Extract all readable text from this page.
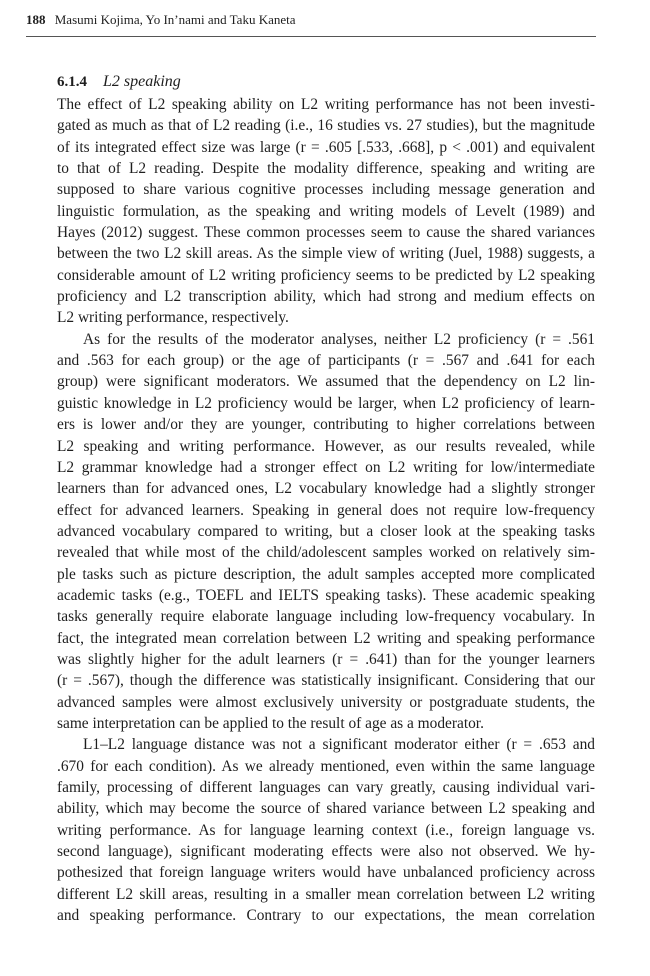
188 Masumi Kojima, Yo In’nami and Taku Kaneta
6.1.4 L2 speaking
The effect of L2 speaking ability on L2 writing performance has not been investi-
gated as much as that of L2 reading (i.e., 16 studies vs. 27 studies), but the magnitude
of its integrated effect size was large (r = .605 [.533, .668], p < .001) and equivalent
to that of L2 reading. Despite the modality difference, speaking and writing are
supposed to share various cognitive processes including message generation and
linguistic formulation, as the speaking and writing models of Levelt (1989) and
Hayes (2012) suggest. These common processes seem to cause the shared variances
between the two L2 skill areas. As the simple view of writing (Juel, 1988) suggests, a
considerable amount of L2 writing proficiency seems to be predicted by L2 speaking
proficiency and L2 transcription ability, which had strong and medium effects on
L2 writing performance, respectively.
As for the results of the moderator analyses, neither L2 proficiency (r = .561
and .563 for each group) or the age of participants (r = .567 and .641 for each
group) were significant moderators. We assumed that the dependency on L2 lin-
guistic knowledge in L2 proficiency would be larger, when L2 proficiency of learn-
ers is lower and/or they are younger, contributing to higher correlations between
L2 speaking and writing performance. However, as our results revealed, while
L2 grammar knowledge had a stronger effect on L2 writing for low/intermediate
learners than for advanced ones, L2 vocabulary knowledge had a slightly stronger
effect for advanced learners. Speaking in general does not require low-frequency
advanced vocabulary compared to writing, but a closer look at the speaking tasks
revealed that while most of the child/adolescent samples worked on relatively sim-
ple tasks such as picture description, the adult samples accepted more complicated
academic tasks (e.g., TOEFL and IELTS speaking tasks). These academic speaking
tasks generally require elaborate language including low-frequency vocabulary. In
fact, the integrated mean correlation between L2 writing and speaking performance
was slightly higher for the adult learners (r = .641) than for the younger learners
(r = .567), though the difference was statistically insignificant. Considering that our
advanced samples were almost exclusively university or postgraduate students, the
same interpretation can be applied to the result of age as a moderator.
L1–L2 language distance was not a significant moderator either (r = .653 and
.670 for each condition). As we already mentioned, even within the same language
family, processing of different languages can vary greatly, causing individual vari-
ability, which may become the source of shared variance between L2 speaking and
writing performance. As for language learning context (i.e., foreign language vs.
second language), significant moderating effects were also not observed. We hy-
pothesized that foreign language writers would have unbalanced proficiency across
different L2 skill areas, resulting in a smaller mean correlation between L2 writing
and speaking performance. Contrary to our expectations, the mean correlation
